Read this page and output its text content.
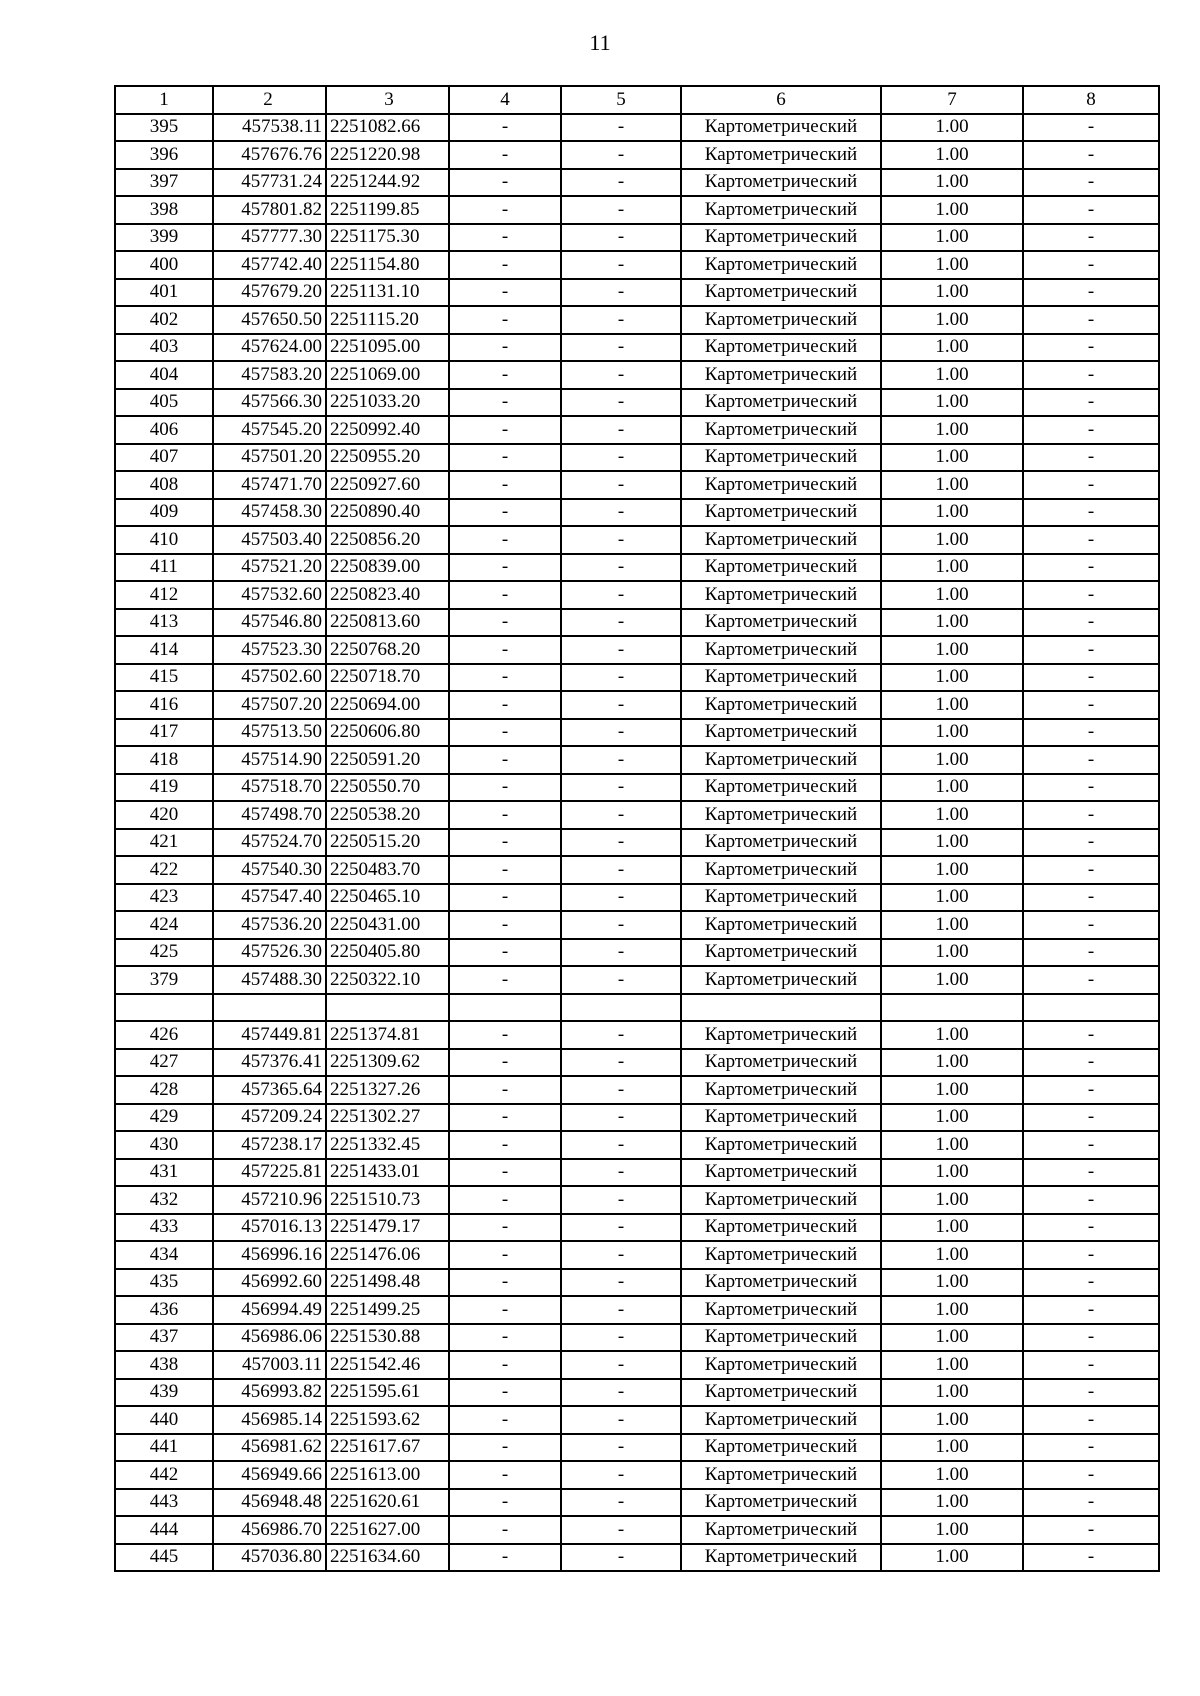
11
1	2	3	4	5	6	7	8
395	457538.11	2251082.66	-	-	Картометрический	1.00	-
396	457676.76	2251220.98	-	-	Картометрический	1.00	-
397	457731.24	2251244.92	-	-	Картометрический	1.00	-
398	457801.82	2251199.85	-	-	Картометрический	1.00	-
399	457777.30	2251175.30	-	-	Картометрический	1.00	-
400	457742.40	2251154.80	-	-	Картометрический	1.00	-
401	457679.20	2251131.10	-	-	Картометрический	1.00	-
402	457650.50	2251115.20	-	-	Картометрический	1.00	-
403	457624.00	2251095.00	-	-	Картометрический	1.00	-
404	457583.20	2251069.00	-	-	Картометрический	1.00	-
405	457566.30	2251033.20	-	-	Картометрический	1.00	-
406	457545.20	2250992.40	-	-	Картометрический	1.00	-
407	457501.20	2250955.20	-	-	Картометрический	1.00	-
408	457471.70	2250927.60	-	-	Картометрический	1.00	-
409	457458.30	2250890.40	-	-	Картометрический	1.00	-
410	457503.40	2250856.20	-	-	Картометрический	1.00	-
411	457521.20	2250839.00	-	-	Картометрический	1.00	-
412	457532.60	2250823.40	-	-	Картометрический	1.00	-
413	457546.80	2250813.60	-	-	Картометрический	1.00	-
414	457523.30	2250768.20	-	-	Картометрический	1.00	-
415	457502.60	2250718.70	-	-	Картометрический	1.00	-
416	457507.20	2250694.00	-	-	Картометрический	1.00	-
417	457513.50	2250606.80	-	-	Картометрический	1.00	-
418	457514.90	2250591.20	-	-	Картометрический	1.00	-
419	457518.70	2250550.70	-	-	Картометрический	1.00	-
420	457498.70	2250538.20	-	-	Картометрический	1.00	-
421	457524.70	2250515.20	-	-	Картометрический	1.00	-
422	457540.30	2250483.70	-	-	Картометрический	1.00	-
423	457547.40	2250465.10	-	-	Картометрический	1.00	-
424	457536.20	2250431.00	-	-	Картометрический	1.00	-
425	457526.30	2250405.80	-	-	Картометрический	1.00	-
379	457488.30	2250322.10	-	-	Картометрический	1.00	-

426	457449.81	2251374.81	-	-	Картометрический	1.00	-
427	457376.41	2251309.62	-	-	Картометрический	1.00	-
428	457365.64	2251327.26	-	-	Картометрический	1.00	-
429	457209.24	2251302.27	-	-	Картометрический	1.00	-
430	457238.17	2251332.45	-	-	Картометрический	1.00	-
431	457225.81	2251433.01	-	-	Картометрический	1.00	-
432	457210.96	2251510.73	-	-	Картометрический	1.00	-
433	457016.13	2251479.17	-	-	Картометрический	1.00	-
434	456996.16	2251476.06	-	-	Картометрический	1.00	-
435	456992.60	2251498.48	-	-	Картометрический	1.00	-
436	456994.49	2251499.25	-	-	Картометрический	1.00	-
437	456986.06	2251530.88	-	-	Картометрический	1.00	-
438	457003.11	2251542.46	-	-	Картометрический	1.00	-
439	456993.82	2251595.61	-	-	Картометрический	1.00	-
440	456985.14	2251593.62	-	-	Картометрический	1.00	-
441	456981.62	2251617.67	-	-	Картометрический	1.00	-
442	456949.66	2251613.00	-	-	Картометрический	1.00	-
443	456948.48	2251620.61	-	-	Картометрический	1.00	-
444	456986.70	2251627.00	-	-	Картометрический	1.00	-
445	457036.80	2251634.60	-	-	Картометрический	1.00	-
